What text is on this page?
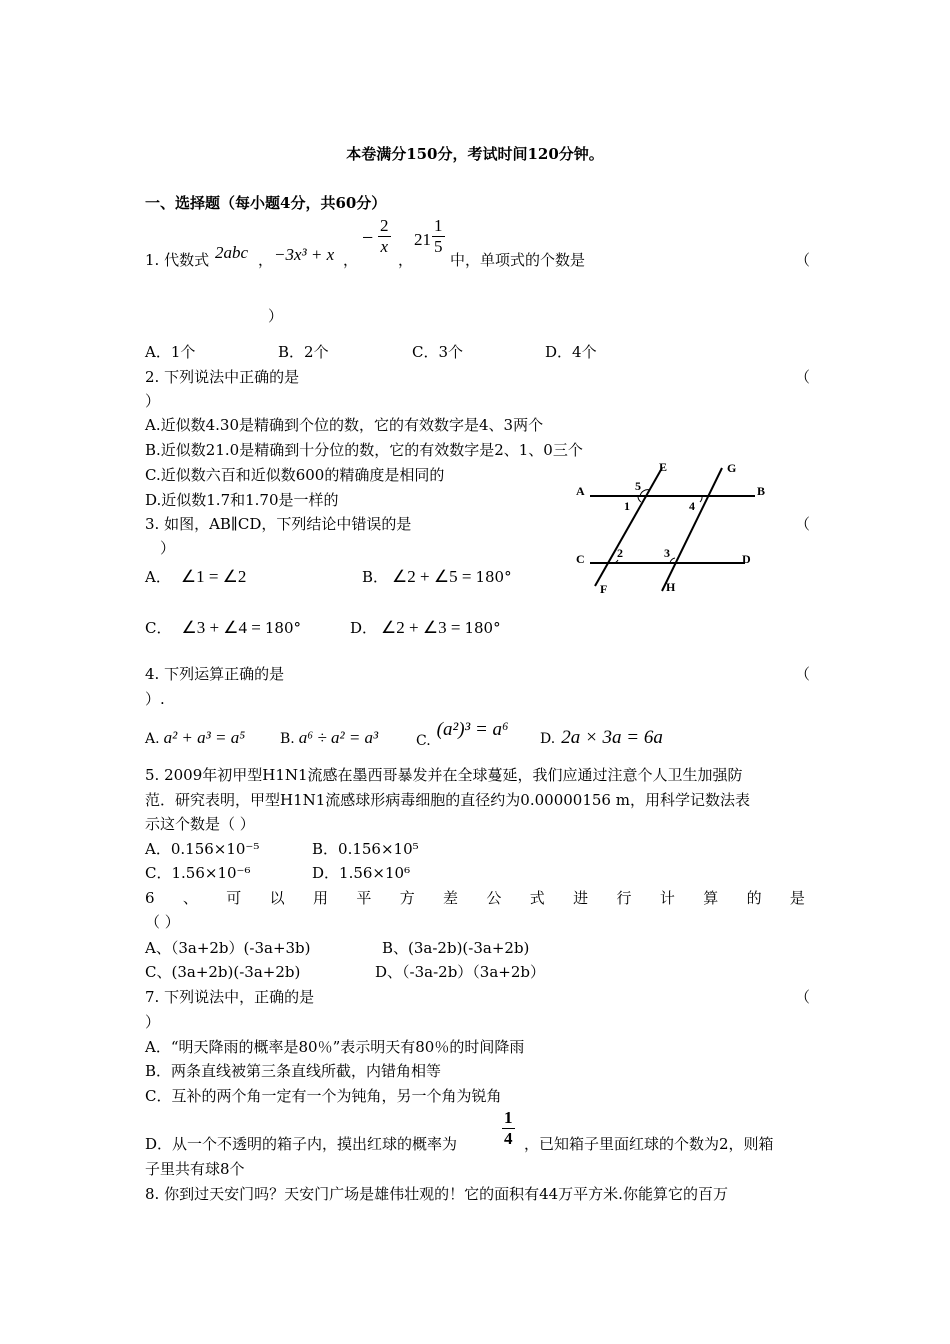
本卷满分150分，考试时间120分钟。
一、选择题（每小题4分，共60分）
1. 代数式 2abc ， −3x³ + x ，
− $\frac{2}{x}$
，
$21 \frac{1}{5}$
中，单项式的个数是	（
）
A．1个	B．2个	C．3个	D．4个
2. 下列说法中正确的是	（
）
A.近似数4.30是精确到个位的数，它的有效数字是4、3两个
B.近似数21.0是精确到十分位的数，它的有效数字是2、1、0三个
C.近似数六百和近似数600的精确度是相同的
D.近似数1.7和1.70是一样的
3. 如图，AB∥CD，下列结论中错误的是	（
）
A． ∠1 = ∠2	B． ∠2 + ∠5 = 180°
C． ∠3 + ∠4 = 180°	D． ∠2 + ∠3 = 180°
A	B
C	D
E
F
G
H
1
2	3
4
5
4. 下列运算正确的是	（
）.
A. a² + a³ = a⁵ B. a⁶ ÷ a² = a³	C.(a²)³ = a⁶ D. 2a × 3a = 6a
5. 2009年初甲型H1N1流感在墨西哥暴发并在全球蔓延，我们应通过注意个人卫生加强防
范．研究表明，甲型H1N1流感球形病毒细胞的直径约为0.00000156 m，用科学记数法表
示这个数是（ ）
A．0.156×10⁻⁵	B．0.156×10⁵
C．1.56×10⁻⁶	D．1.56×10⁶
6 、 可 以 用 平 方 差 公 式 进 行 计 算 的 是
（ ）
A、（3a+2b）(-3a+3b)	B、(3a-2b)(-3a+2b)
C、(3a+2b)(-3a+2b)	D、（-3a-2b）（3a+2b）
7. 下列说法中，正确的是	（
）
A．“明天降雨的概率是80％”表示明天有80％的时间降雨
B．两条直线被第三条直线所截，内错角相等
C．互补的两个角一定有一个为钝角，另一个角为锐角
D．从一个不透明的箱子内，摸出红球的概率为	$\frac{1}{4}$ ，已知箱子里面红球的个数为2，则箱
子里共有球8个
8. 你到过天安门吗？天安门广场是雄伟壮观的！它的面积有44万平方米.你能算它的百万
